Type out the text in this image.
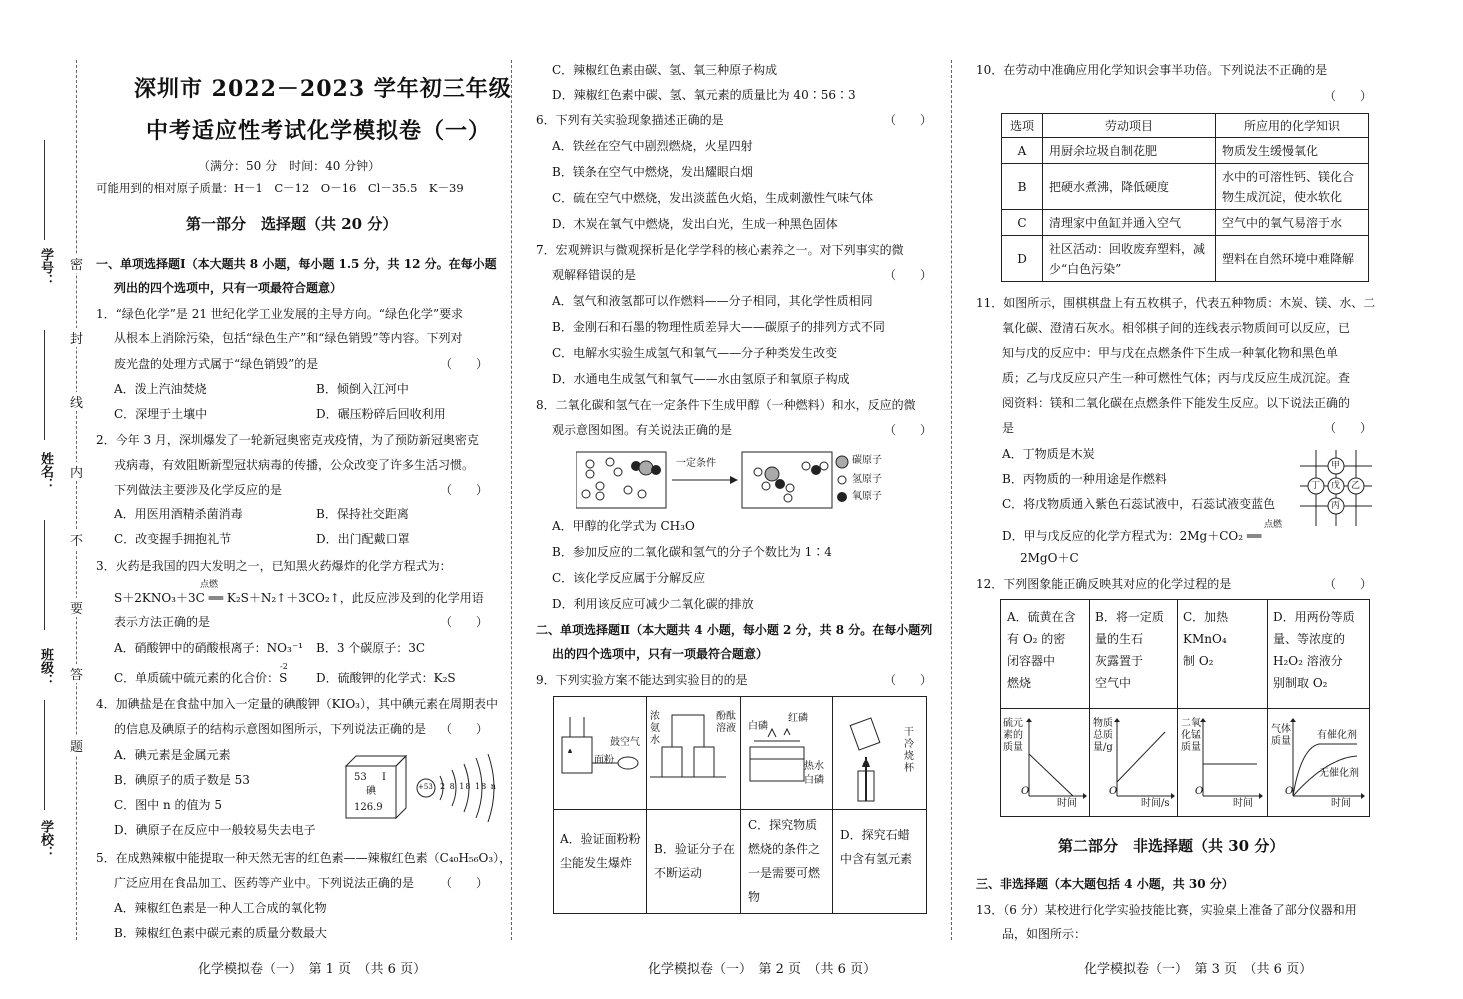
学号：
姓名：
班级：
学校：
密
封
线
内
不
要
答
题
深圳市 2022－2023 学年初三年级
中考适应性考试化学模拟卷（一）
（满分：50 分　时间：40 分钟）
可能用到的相对原子质量：H－1　C－12　O－16　Cl－35.5　K－39
第一部分　选择题（共 20 分）
一、单项选择题Ⅰ（本大题共 8 小题，每小题 1.5 分，共 12 分。在每小题
列出的四个选项中，只有一项最符合题意）
1．“绿色化学”是 21 世纪化学工业发展的主导方向。“绿色化学”要求
从根本上消除污染，包括“绿色生产”和“绿色销毁”等内容。下列对
废光盘的处理方式属于“绿色销毁”的是	（　　）
A．泼上汽油焚烧	B．倾倒入江河中
C．深埋于土壤中	D．碾压粉碎后回收利用
2．今年 3 月，深圳爆发了一轮新冠奥密克戎疫情，为了预防新冠奥密克
戎病毒，有效阻断新型冠状病毒的传播，公众改变了许多生活习惯。
下列做法主要涉及化学反应的是	（　　）
A．用医用酒精杀菌消毒	B．保持社交距离
C．改变握手拥抱礼节	D．出门配戴口罩
3．火药是我国的四大发明之一，已知黑火药爆炸的化学方程式为：
点燃
S＋2KNO₃＋3C ══ K₂S＋N₂↑＋3CO₂↑，此反应涉及到的化学用语
表示方法正确的是	（　　）
A．硝酸钾中的硝酸根离子：NO₃⁻¹ B．3 个碳原子：3C
-2
C．单质硫中硫元素的化合价：S D．硫酸钾的化学式：K₂S
4．加碘盐是在食盐中加入一定量的碘酸钾（KIO₃），其中碘元素在周期表中
的信息及碘原子的结构示意图如图所示，下列说法正确的是 （　　）
A．碘元素是金属元素
B．碘原子的质子数是 53
C．图中 n 的值为 5
D．碘原子在反应中一般较易失去电子
53 I
碘
126.9
+53 2 8 18 18 n
5．在成熟辣椒中能提取一种天然无害的红色素——辣椒红色素（C₄₀H₅₆O₃），
广泛应用在食品加工、医药等产业中。下列说法正确的是 （　　）
A．辣椒红色素是一种人工合成的氧化物
B．辣椒红色素中碳元素的质量分数最大
化学模拟卷（一）　第 1 页　（共 6 页）
C．辣椒红色素由碳、氢、氧三种原子构成
D．辣椒红色素中碳、氢、氧元素的质量比为 40∶56∶3
6．下列有关实验现象描述正确的是	（　　）
A．铁丝在空气中剧烈燃烧，火星四射
B．镁条在空气中燃烧，发出耀眼白烟
C．硫在空气中燃烧，发出淡蓝色火焰，生成刺激性气味气体
D．木炭在氧气中燃烧，发出白光，生成一种黑色固体
7．宏观辨识与微观探析是化学学科的核心素养之一。对下列事实的微
观解释错误的是	（　　）
A．氢气和液氢都可以作燃料——分子相同，其化学性质相同
B．金刚石和石墨的物理性质差异大——碳原子的排列方式不同
C．电解水实验生成氢气和氧气——分子种类发生改变
D．水通电生成氢气和氧气——水由氢原子和氧原子构成
8．二氧化碳和氢气在一定条件下生成甲醇（一种燃料）和水，反应的微
观示意图如图。有关说法正确的是	（　　）
一定条件	碳原子
氢原子
氧原子
A．甲醇的化学式为 CH₃O
B．参加反应的二氧化碳和氢气的分子个数比为 1∶4
C．该化学反应属于分解反应
D．利用该反应可减少二氧化碳的排放
二、单项选择题Ⅱ（本大题共 4 小题，每小题 2 分，共 8 分。在每小题列
出的四个选项中，只有一项最符合题意）
9．下列实验方案不能达到实验目的的是	（　　）
鼓空气
面粉
浓氨水
酚酞溶液 白磷
红磷
热水
白磷
干冷烧杯
A．验证面粉粉尘能发生爆炸
B．验证分子在不断运动
C．探究物质燃烧的条件之一是需要可燃物
D．探究石蜡中含有氢元素
化学模拟卷（一）　第 2 页　（共 6 页）
10．在劳动中准确应用化学知识会事半功倍。下列说法不正确的是
（　　）
选项	劳动项目	所应用的化学知识
A	用厨余垃圾自制花肥	物质发生缓慢氧化
B	把硬水煮沸，降低硬度	水中的可溶性钙、镁化合物生成沉淀，使水软化
C	清理家中鱼缸并通入空气	空气中的氧气易溶于水
D	社区活动：回收废弃塑料，减少“白色污染”	塑料在自然环境中难降解
11．如图所示，围棋棋盘上有五枚棋子，代表五种物质：木炭、镁、水、二
氧化碳、澄清石灰水。相邻棋子间的连线表示物质间可以反应，已
知与戊的反应中：甲与戊在点燃条件下生成一种氧化物和黑色单
质；乙与戊反应只产生一种可燃性气体；丙与戊反应生成沉淀。查
阅资料：镁和二氧化碳在点燃条件下能发生反应。以下说法正确的
是	（　　）
A．丁物质是木炭
B．丙物质的一种用途是作燃料
C．将戊物质通入紫色石蕊试液中，石蕊试液变蓝色
点燃
D．甲与戊反应的化学方程式为：2Mg＋CO₂ ══
2MgO＋C
甲
丁 戊 乙
丙
12．下列图象能正确反映其对应的化学过程的是	（　　）
A．硫黄在含
有 O₂ 的密
闭容器中
燃烧
B．将一定质
量的生石
灰露置于
空气中
C．加热KMnO₄
制 O₂
D．用两份等质
量、等浓度的
H₂O₂ 溶液分
别制取 O₂
硫元素的质量
时间
O
物质总质量/g
时间/s
O
二氧化锰质量
时间
O
气体质量
时间
O
有催化剂
无催化剂
第二部分　非选择题（共 30 分）
三、非选择题（本大题包括 4 小题，共 30 分）
13．（6 分）某校进行化学实验技能比赛，实验桌上准备了部分仪器和用
品，如图所示：
化学模拟卷（一）　第 3 页　（共 6 页）
